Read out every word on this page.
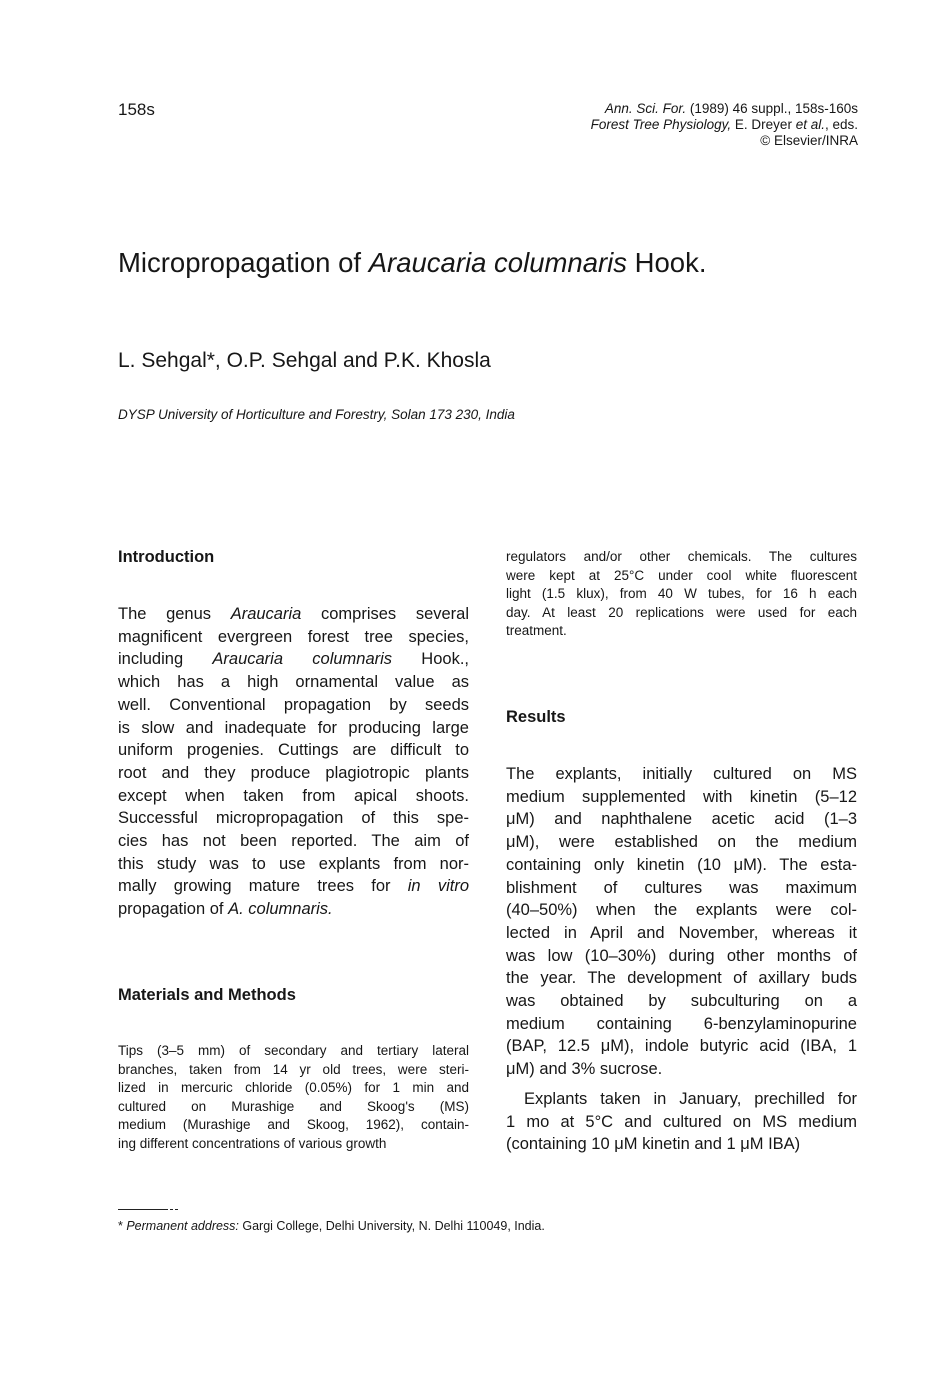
158s	Ann. Sci. For. (1989) 46 suppl., 158s-160s
Forest Tree Physiology, E. Dreyer et al., eds.
© Elsevier/INRA
Micropropagation of Araucaria columnaris Hook.
L. Sehgal*, O.P. Sehgal and P.K. Khosla
DYSP University of Horticulture and Forestry, Solan 173 230, India
Introduction
The genus Araucaria comprises several
magnificent evergreen forest tree species,
including Araucaria columnaris Hook.,
which has a high ornamental value as
well. Conventional propagation by seeds
is slow and inadequate for producing large
uniform progenies. Cuttings are difficult to
root and they produce plagiotropic plants
except when taken from apical shoots.
Successful micropropagation of this spe-
cies has not been reported. The aim of
this study was to use explants from nor-
mally growing mature trees for in vitro
propagation of A. columnaris.
Materials and Methods
Tips (3–5 mm) of secondary and tertiary lateral
branches, taken from 14 yr old trees, were steri-
lized in mercuric chloride (0.05%) for 1 min and
cultured on Murashige and Skoog's (MS)
medium (Murashige and Skoog, 1962), contain-
ing different concentrations of various growth
regulators and/or other chemicals. The cultures
were kept at 25°C under cool white fluorescent
light (1.5 klux), from 40 W tubes, for 16 h each
day. At least 20 replications were used for each
treatment.
Results
The explants, initially cultured on MS
medium supplemented with kinetin (5–12
μM) and naphthalene acetic acid (1–3
μM), were established on the medium
containing only kinetin (10 μM). The esta-
blishment of cultures was maximum
(40–50%) when the explants were col-
lected in April and November, whereas it
was low (10–30%) during other months of
the year. The development of axillary buds
was obtained by subculturing on a
medium containing 6-benzylaminopurine
(BAP, 12.5 μM), indole butyric acid (IBA, 1
μM) and 3% sucrose.
Explants taken in January, prechilled for
1 mo at 5°C and cultured on MS medium
(containing 10 μM kinetin and 1 μM IBA)
* Permanent address: Gargi College, Delhi University, N. Delhi 110049, India.
